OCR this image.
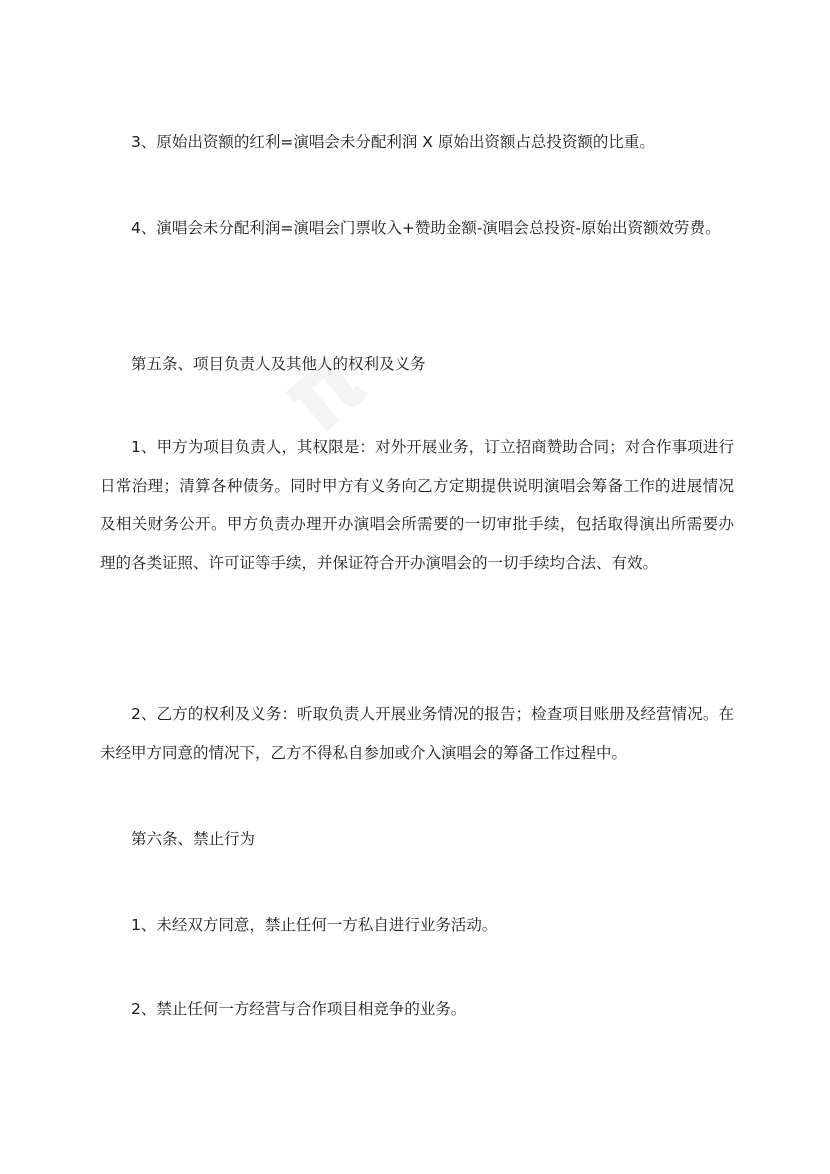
3、原始出资额的红利=演唱会未分配利润 X 原始出资额占总投资额的比重。

4、演唱会未分配利润=演唱会门票收入+赞助金额-演唱会总投资-原始出资额效劳费。

第五条、项目负责人及其他人的权利及义务

1、甲方为项目负责人，其权限是：对外开展业务，订立招商赞助合同；对合作事项进行日常治理；清算各种债务。同时甲方有义务向乙方定期提供说明演唱会筹备工作的进展情况及相关财务公开。甲方负责办理开办演唱会所需要的一切审批手续，包括取得演出所需要办理的各类证照、许可证等手续，并保证符合开办演唱会的一切手续均合法、有效。

2、乙方的权利及义务：听取负责人开展业务情况的报告；检查项目账册及经营情况。在未经甲方同意的情况下，乙方不得私自参加或介入演唱会的筹备工作过程中。

第六条、禁止行为

1、未经双方同意，禁止任何一方私自进行业务活动。

2、禁止任何一方经营与合作项目相竞争的业务。
